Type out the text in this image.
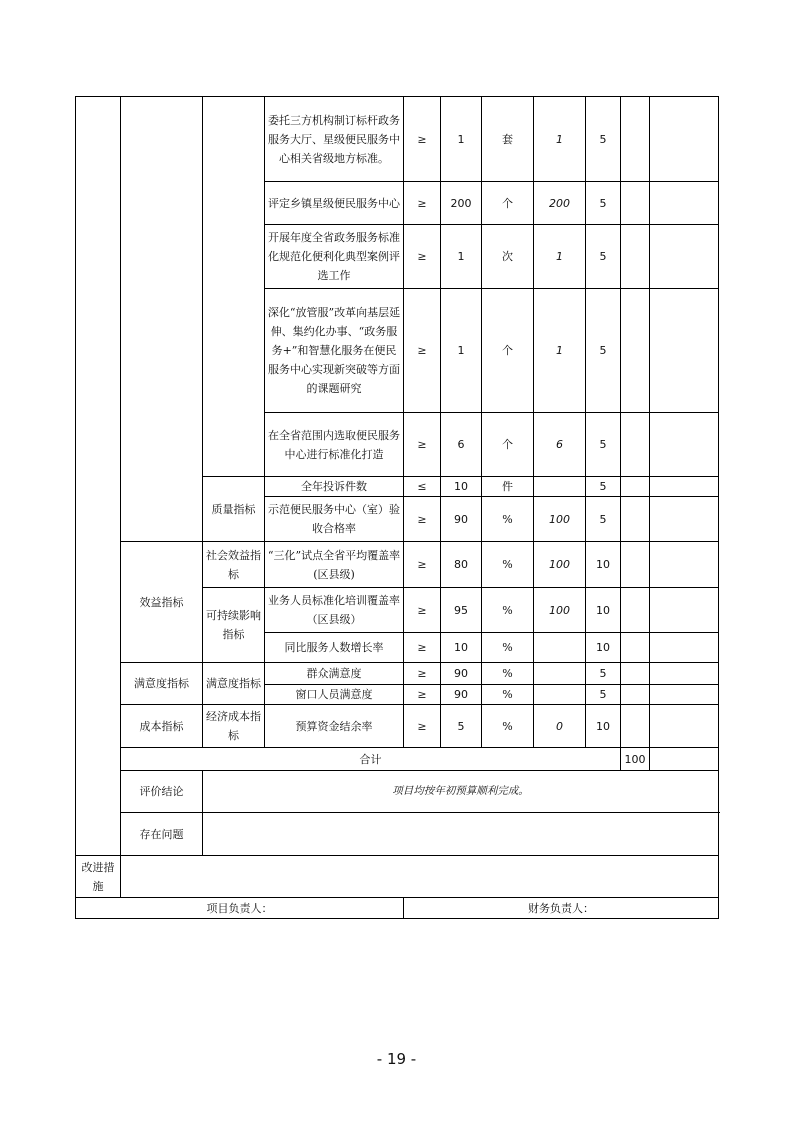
			委托三方机构制订标杆政务服务大厅、星级便民服务中心相关省级地方标准。	≥	1	套	1	5			
			评定乡镇星级便民服务中心	≥	200	个	200	5			
			开展年度全省政务服务标准化规范化便利化典型案例评选工作	≥	1	次	1	5			
			深化“放管服”改革向基层延伸、集约化办事、“政务服务+”和智慧化服务在便民服务中心实现新突破等方面的课题研究	≥	1	个	1	5			
			在全省范围内选取便民服务中心进行标准化打造	≥	6	个	6	5			
		质量指标	全年投诉件数	≤	10	件		5			
			示范便民服务中心（室）验收合格率	≥	90	%	100	5			
	效益指标	社会效益指标	“三化”试点全省平均覆盖率(区县级)	≥	80	%	100	10			
		可持续影响指标	业务人员标准化培训覆盖率（区县级）	≥	95	%	100	10			
			同比服务人数增长率	≥	10	%		10			
	满意度指标	满意度指标	群众满意度	≥	90	%		5			
			窗口人员满意度	≥	90	%		5			
	成本指标	经济成本指标	预算资金结余率	≥	5	%	0	10			
	合计								100		
	评价结论	项目均按年初预算顺利完成。									
	存在问题										
改进措施											
项目负责人：				财务负责人：							
- 19 -
